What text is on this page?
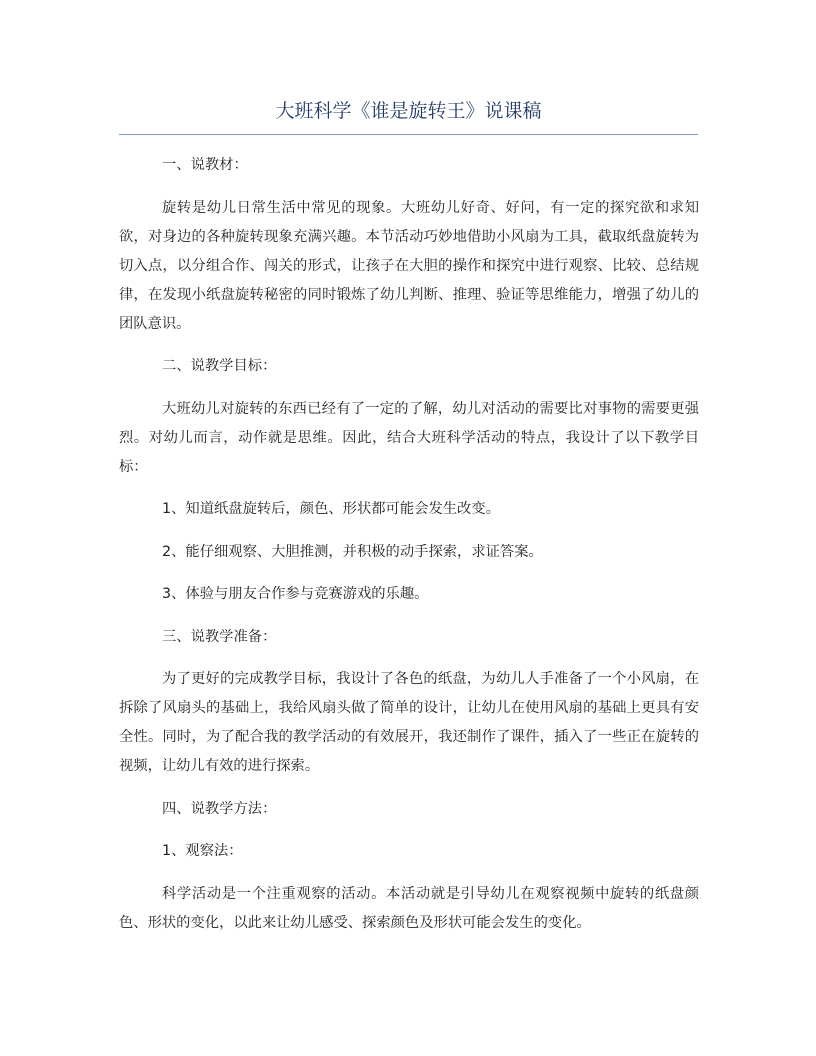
大班科学《谁是旋转王》说课稿

一、说教材：

旋转是幼儿日常生活中常见的现象。大班幼儿好奇、好问，有一定的探究欲和求知欲，对身边的各种旋转现象充满兴趣。本节活动巧妙地借助小风扇为工具，截取纸盘旋转为切入点，以分组合作、闯关的形式，让孩子在大胆的操作和探究中进行观察、比较、总结规律，在发现小纸盘旋转秘密的同时锻炼了幼儿判断、推理、验证等思维能力，增强了幼儿的团队意识。

二、说教学目标：

大班幼儿对旋转的东西已经有了一定的了解，幼儿对活动的需要比对事物的需要更强烈。对幼儿而言，动作就是思维。因此，结合大班科学活动的特点，我设计了以下教学目标：

1、知道纸盘旋转后，颜色、形状都可能会发生改变。

2、能仔细观察、大胆推测，并积极的动手探索，求证答案。

3、体验与朋友合作参与竞赛游戏的乐趣。

三、说教学准备：

为了更好的完成教学目标，我设计了各色的纸盘，为幼儿人手准备了一个小风扇，在拆除了风扇头的基础上，我给风扇头做了简单的设计，让幼儿在使用风扇的基础上更具有安全性。同时，为了配合我的教学活动的有效展开，我还制作了课件，插入了一些正在旋转的视频，让幼儿有效的进行探索。

四、说教学方法：

1、观察法：

科学活动是一个注重观察的活动。本活动就是引导幼儿在观察视频中旋转的纸盘颜色、形状的变化，以此来让幼儿感受、探索颜色及形状可能会发生的变化。
